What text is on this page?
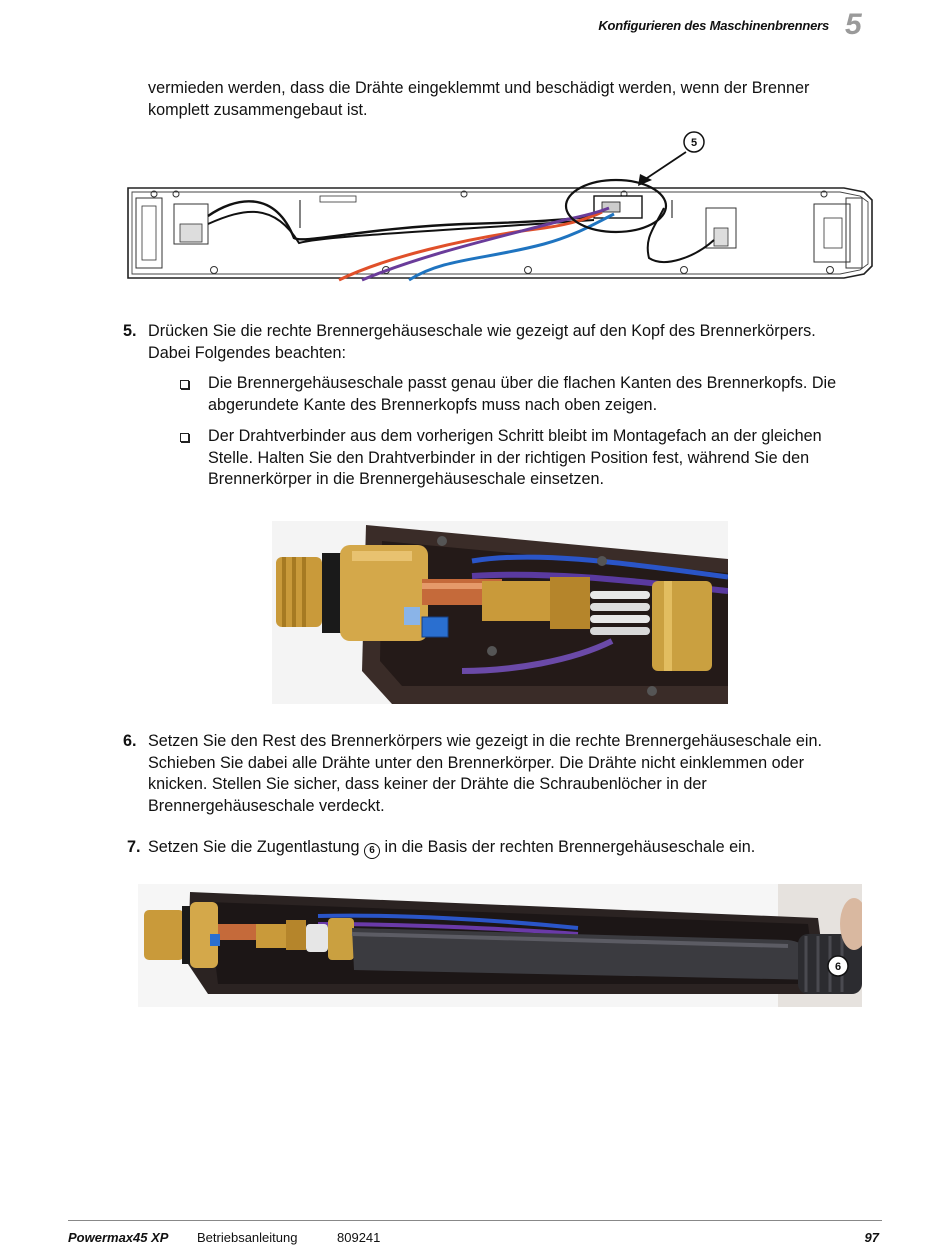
Konfigurieren des Maschinenbrenners 5
vermieden werden, dass die Drähte eingeklemmt und beschädigt werden, wenn der Brenner
komplett zusammengebaut ist.
5
5. Drücken Sie die rechte Brennergehäuseschale wie gezeigt auf den Kopf des Brennerkörpers.
Dabei Folgendes beachten:
Die Brennergehäuseschale passt genau über die flachen Kanten des Brennerkopfs. Die
abgerundete Kante des Brennerkopfs muss nach oben zeigen.
Der Drahtverbinder aus dem vorherigen Schritt bleibt im Montagefach an der gleichen
Stelle. Halten Sie den Drahtverbinder in der richtigen Position fest, während Sie den
Brennerkörper in die Brennergehäuseschale einsetzen.
6. Setzen Sie den Rest des Brennerkörpers wie gezeigt in die rechte Brennergehäuseschale ein.
Schieben Sie dabei alle Drähte unter den Brennerkörper. Die Drähte nicht einklemmen oder
knicken. Stellen Sie sicher, dass keiner der Drähte die Schraubenlöcher in der
Brennergehäuseschale verdeckt.
7. Setzen Sie die Zugentlastung 6 in die Basis der rechten Brennergehäuseschale ein.
6
Powermax45 XP Betriebsanleitung	809241	97
